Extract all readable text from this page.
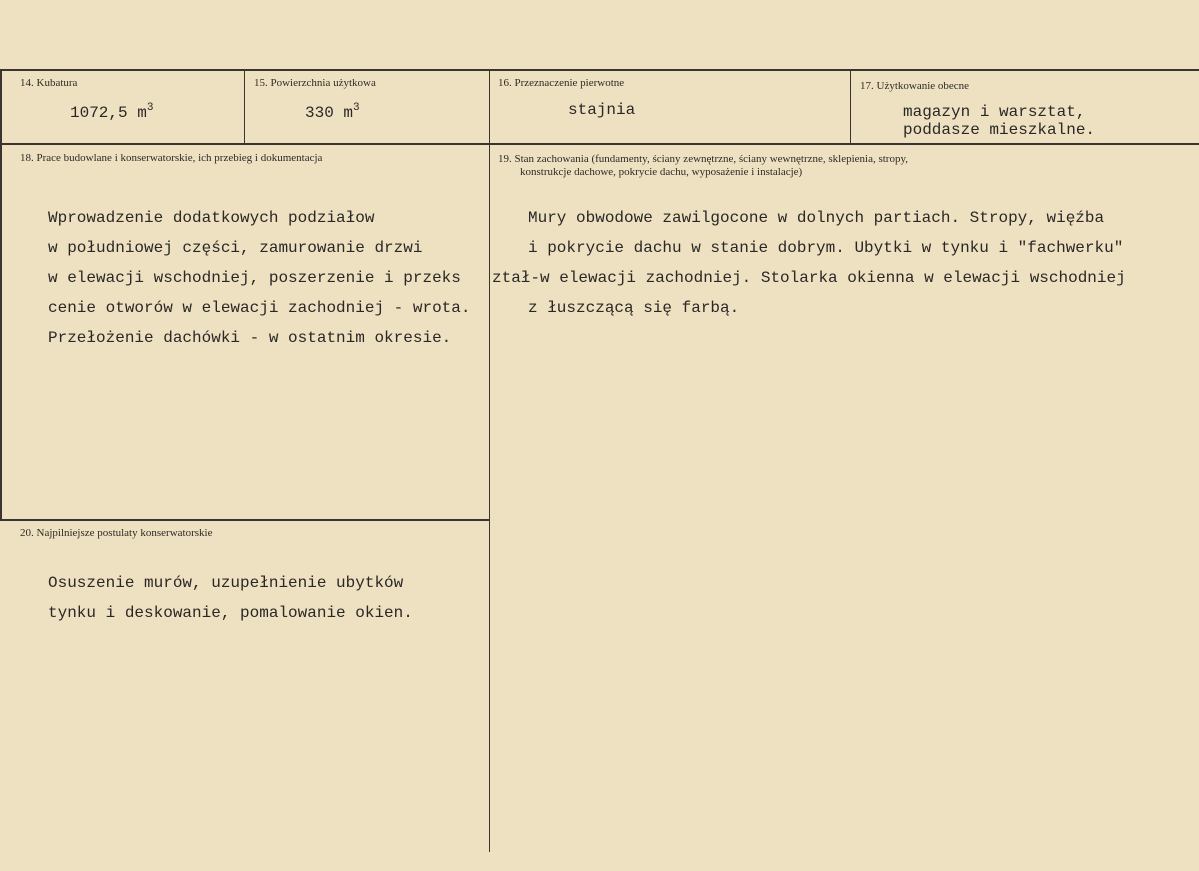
14. Kubatura
1072,5 $m^3$
15. Powierzchnia użytkowa
330 $m^3$
16. Przeznaczenie pierwotne
stajnia
17. Użytkowanie obecne
magazyn i warsztat,
poddasze mieszkalne.
18. Prace budowlane i konserwatorskie, ich przebieg i dokumentacja
Wprowadzenie dodatkowych podziałow
w południowej części, zamurowanie drzwi
w elewacji wschodniej, poszerzenie i przeks
cenie otworów w elewacji zachodniej - wrota.
Przełożenie dachówki - w ostatnim okresie.
19. Stan zachowania (fundamenty, ściany zewnętrzne, ściany wewnętrzne, sklepienia, stropy,
konstrukcje dachowe, pokrycie dachu, wyposażenie i instalacje)
Mury obwodowe zawilgocone w dolnych partiach. Stropy, więźba
i pokrycie dachu w stanie dobrym. Ubytki w tynku i "fachwerku"
ztał-w elewacji zachodniej. Stolarka okienna w elewacji wschodniej
z łuszczącą się farbą.
20. Najpilniejsze postulaty konserwatorskie
Osuszenie murów, uzupełnienie ubytków
tynku i deskowanie, pomalowanie okien.
